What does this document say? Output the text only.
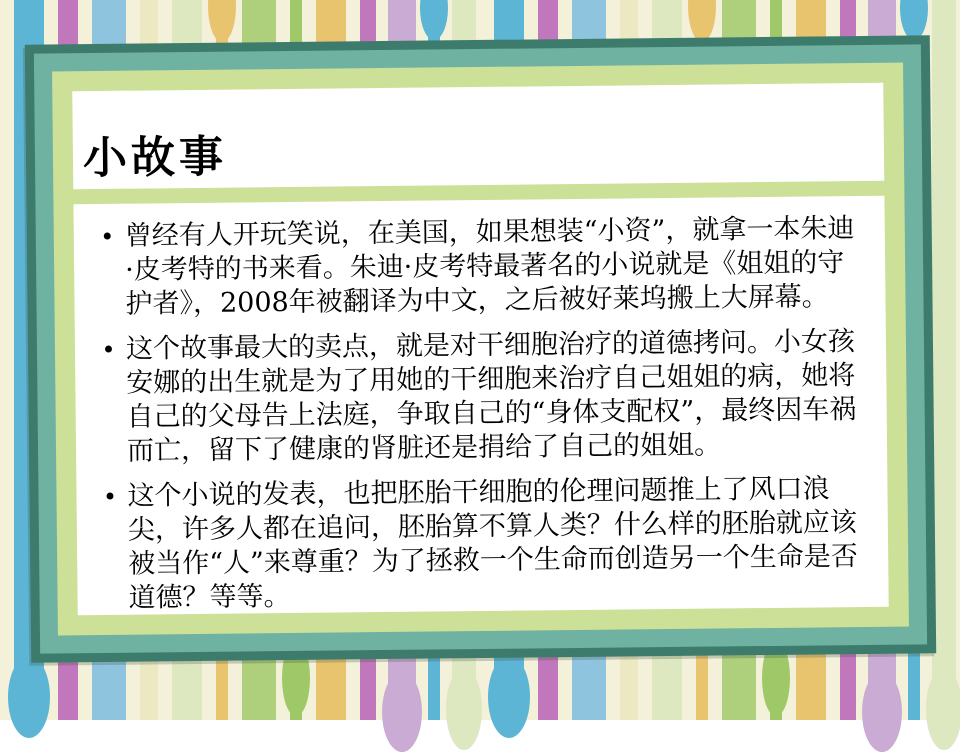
小故事
• 曾经有人开玩笑说，在美国，如果想装“小资”，就拿一本朱迪·皮考特的书来看。朱迪·皮考特最著名的小说就是《姐姐的守护者》，2008年被翻译为中文，之后被好莱坞搬上大屏幕。

• 这个故事最大的卖点，就是对干细胞治疗的道德拷问。小女孩安娜的出生就是为了用她的干细胞来治疗自己姐姐的病，她将自己的父母告上法庭，争取自己的“身体支配权”，最终因车祸而亡，留下了健康的肾脏还是捐给了自己的姐姐。

• 这个小说的发表，也把胚胎干细胞的伦理问题推上了风口浪尖，许多人都在追问，胚胎算不算人类？什么样的胚胎就应该被当作“人”来尊重？为了拯救一个生命而创造另一个生命是否道德？等等。
